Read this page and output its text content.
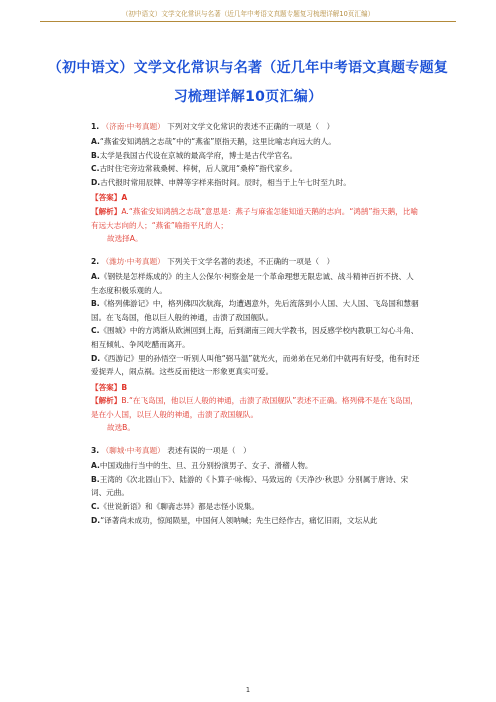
（初中语文）文学文化常识与名著（近几年中考语文真题专题复习梳理详解10页汇编）
（初中语文）文学文化常识与名著（近几年中考语文真题专题复
习梳理详解10页汇编）
1. （济南·中考真题） 下列对文学文化常识的表述不正确的一项是（　）
A.“燕雀安知鸿鹄之志哉”中的“燕雀”原指天鹅，这里比喻志向远大的人。
B.太学是我国古代设在京城的最高学府，博士是古代学官名。
C.古时住宅旁边常栽桑树、梓树，后人就用“桑梓”指代家乡。
D.古代报时常用辰牌、申牌等字样来指时间。辰时，相当于上午七时至九时。
【答案】A
【解析】A.“燕雀安知鸿鹄之志哉”意思是：燕子与麻雀怎能知道天鹅的志向。“鸿鹄”指天鹅，比喻有远大志向的人；“燕雀”喻指平凡的人；
故选择A。
2. （潍坊·中考真题） 下列关于文学名著的表述，不正确的一项是（　）
A.《钢铁是怎样炼成的》的主人公保尔·柯察金是一个革命理想无限忠诚、战斗精神百折不挠、人生态度积极乐观的人。
B.《格列佛游记》中，格列佛四次航海，均遭遇意外，先后流落到小人国、大人国、飞岛国和慧骃国。在飞岛国，他以巨人般的神通，击溃了敌国舰队。
C.《围城》中的方鸿渐从欧洲回到上海，后到湖南三闾大学教书，因反感学校内教职工勾心斗角、相互倾轧、争风吃醋而离开。
D.《西游记》里的孙悟空一听别人叫他“弼马温”就光火，而弟弟在兄弟们中就再有好受，他有时还爱捉弄人，闹点祸。这些反而使这一形象更真实可爱。
【答案】B
【解析】B.“在飞岛国，他以巨人般的神通，击溃了敌国舰队”表述不正确。格列佛不是在飞岛国，是在小人国，以巨人般的神通，击溃了敌国舰队。
故选B。
3. （聊城·中考真题） 表述有误的一项是（　）
A.中国戏曲行当中的生、旦、丑分别扮演男子、女子、滑稽人物。
B.王湾的《次北固山下》、陆游的《卜算子·咏梅》、马致远的《天净沙·秋思》分别属于唐诗、宋词、元曲。
C.《世说新语》和《聊斋志异》都是志怪小说集。
D.“译著尚未成功，惊闻陨星，中国何人领呐喊；先生已经作古，痛忆旧雨，文坛从此
1
